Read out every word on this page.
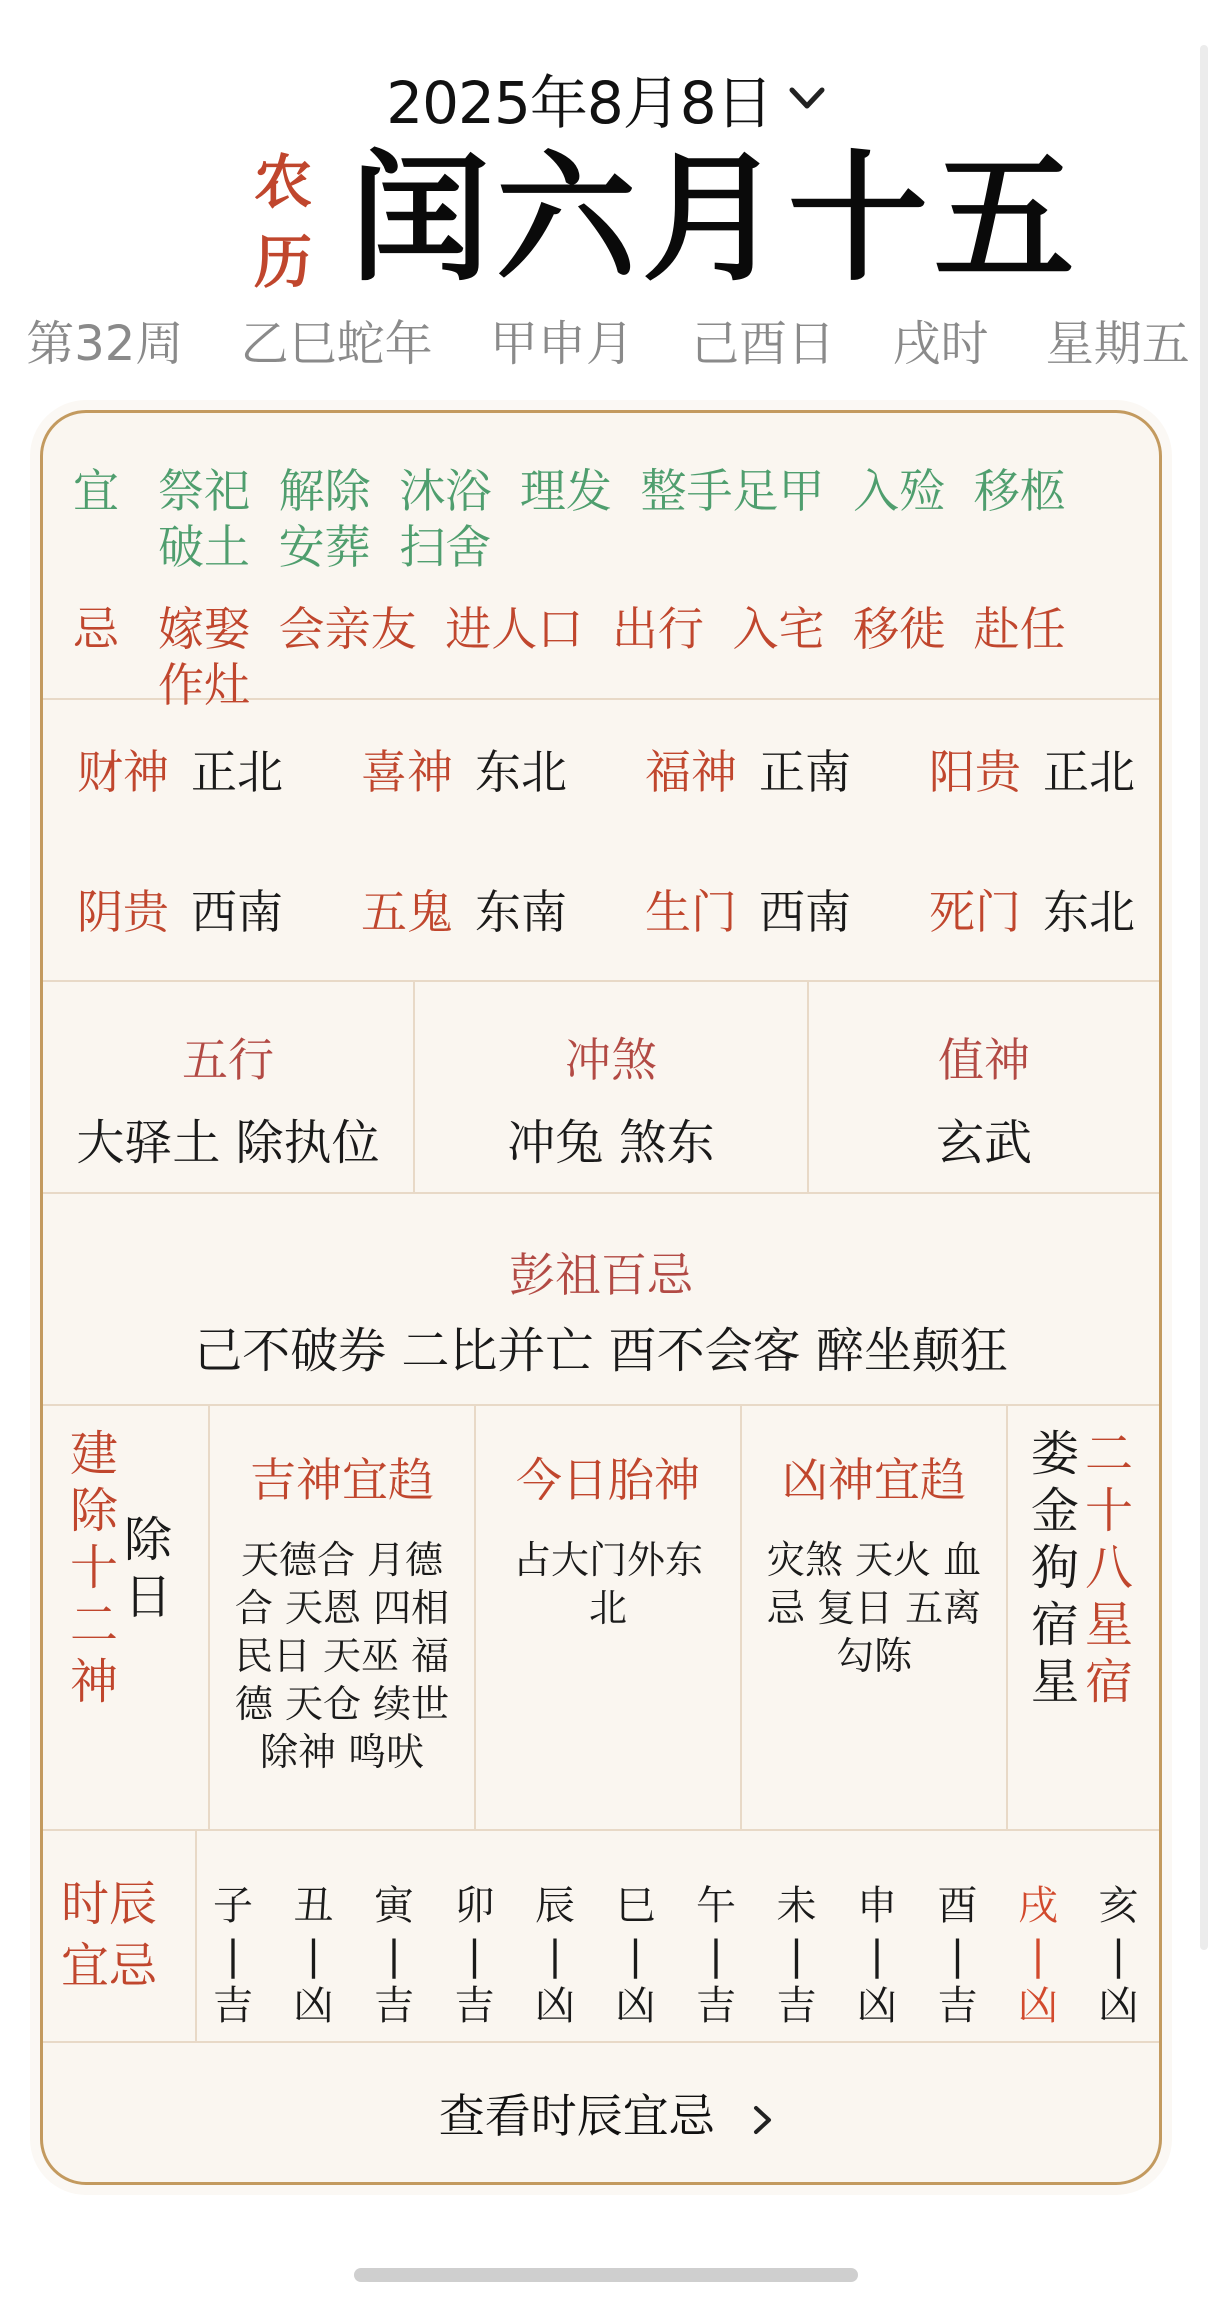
2025年8月8日
农
历 闰六月十五
第32周 乙巳蛇年 甲申月 己酉日 戌时 星期五
宜 祭祀 解除 沐浴 理发 整手足甲 入殓 移柩 破土 安葬 扫舍
忌 嫁娶 会亲友 进人口 出行 入宅 移徙 赴任 作灶
财神 正北 喜神 东北 福神 正南 阳贵 正北
阴贵 西南 五鬼 东南 生门 西南 死门 东北
五行
大驿土 除执位
冲煞
冲兔 煞东
值神
玄武
彭祖百忌
己不破券 二比并亡 酉不会客 醉坐颠狂
建
除
十
二
神
除
日
吉神宜趋
天德合 月德合 天恩 四相 民日 天巫 福德 天仓 续世 除神 鸣吠
今日胎神
占大门外东北
凶神宜趋
灾煞 天火 血忌 复日 五离 勾陈
娄
金
狗
宿
星
二
十
八
星
宿
时辰
宜忌
子
|
吉
丑
|
凶
寅
|
吉
卯
|
吉
辰
|
凶
巳
|
凶
午
|
吉
未
|
吉
申
|
凶
酉
|
吉
戌
|
凶
亥
|
凶
查看时辰宜忌
